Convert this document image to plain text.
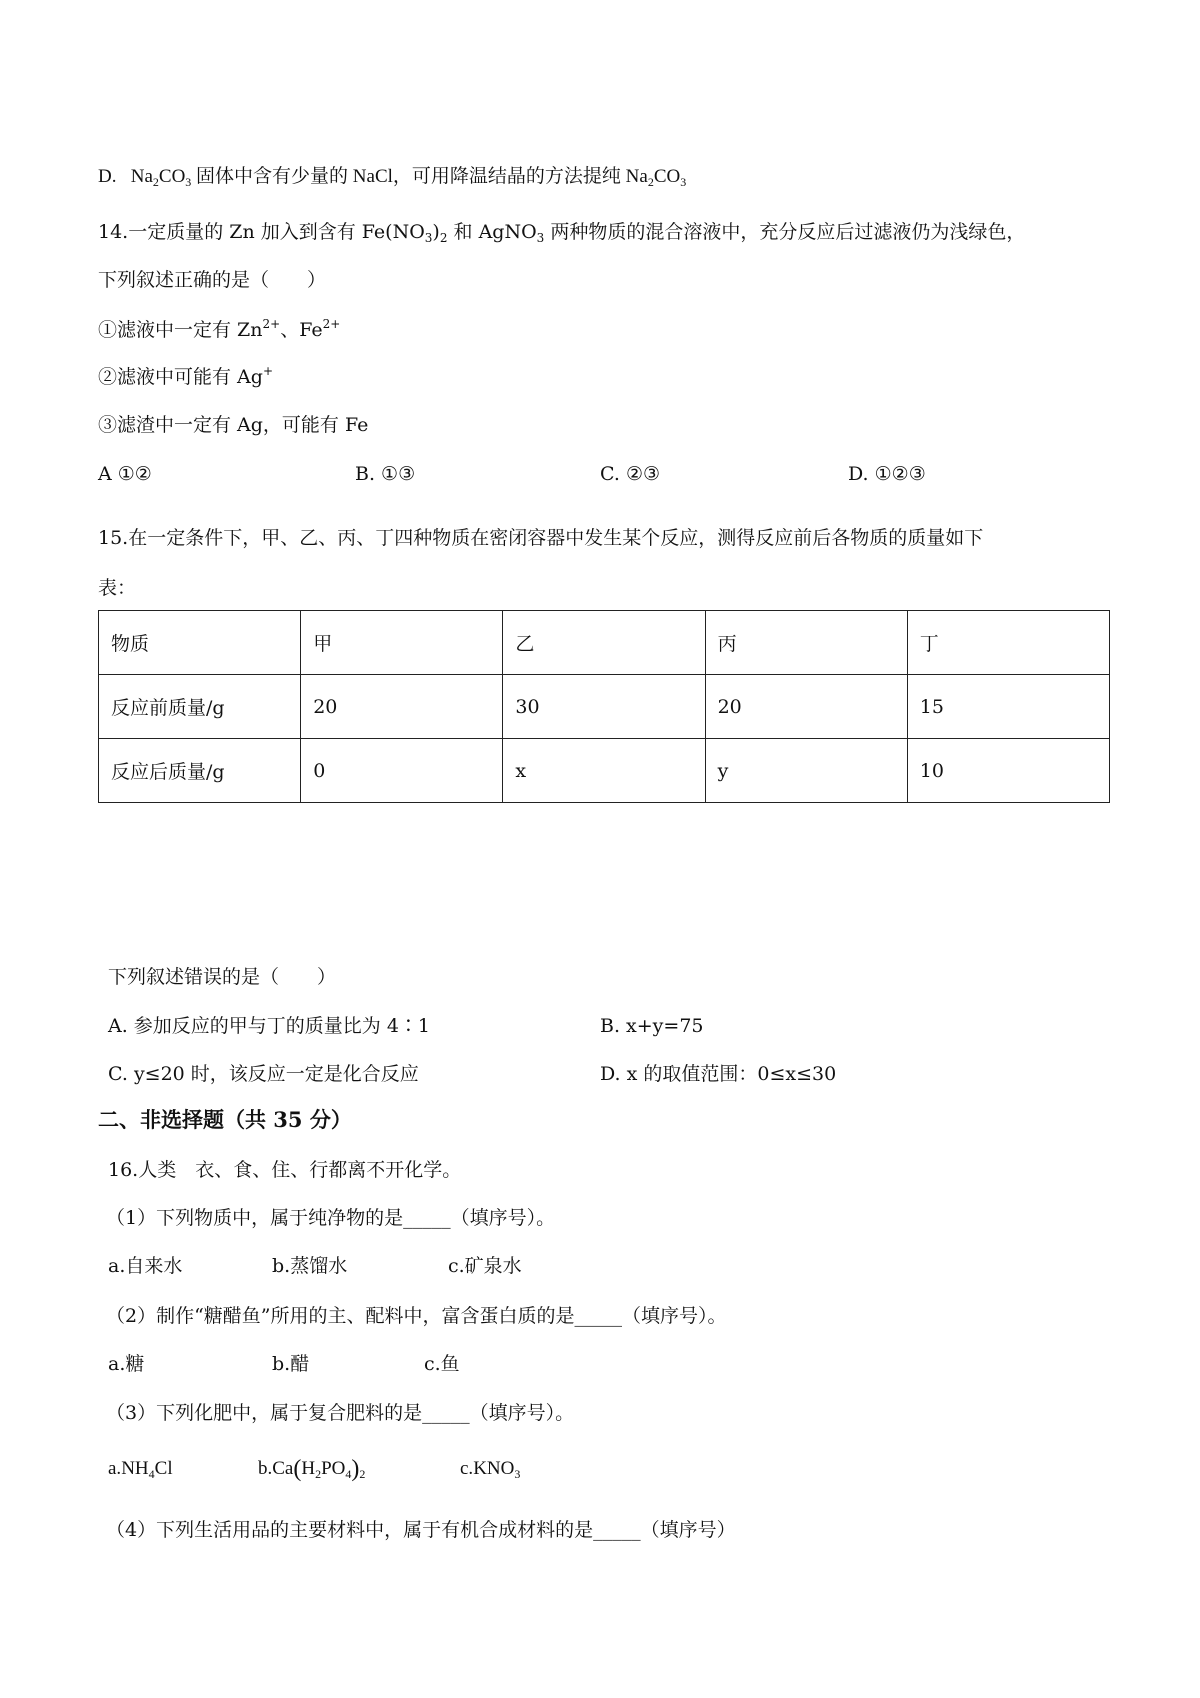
D. $Na_2CO_3$ 固体中含有少量的 NaCl，可用降温结晶的方法提纯 $Na_2CO_3$
14.一定质量的 Zn 加入到含有 $Fe(NO_3)_2$ 和 AgNO$_3$ 两种物质的混合溶液中，充分反应后过滤液仍为浅绿色，
下列叙述正确的是（　　）
①滤液中一定有 $Zn^{2+}$、$Fe^{2+}$
②滤液中可能有 Ag+
③滤渣中一定有 Ag，可能有 Fe
A ①②	B. ①③	C. ②③	D. ①②③
15.在一定条件下，甲、乙、丙、丁四种物质在密闭容器中发生某个反应，测得反应前后各物质的质量如下
表：
物质	甲	乙	丙	丁
反应前质量/g	20	30	20	15
反应后质量/g	0	x	y	10
下列叙述错误的是（　　）
A. 参加反应的甲与丁的质量比为 4∶1	B. x+y=75
C. y≤20 时，该反应一定是化合反应	D. x 的取值范围：0≤x≤30
二、非选择题（共 35 分）
16.人类　衣、食、住、行都离不开化学。
（1）下列物质中，属于纯净物的是_____（填序号）。
a.自来水	b.蒸馏水	c.矿泉水
（2）制作“糖醋鱼”所用的主、配料中，富含蛋白质的是_____（填序号）。
a.糖	b.醋	c.鱼
（3）下列化肥中，属于复合肥料的是_____（填序号）。
$a.NH_4Cl$	$b.Ca(H_2PO_4)_2$	$c.KNO_3$
（4）下列生活用品的主要材料中，属于有机合成材料的是_____（填序号）
